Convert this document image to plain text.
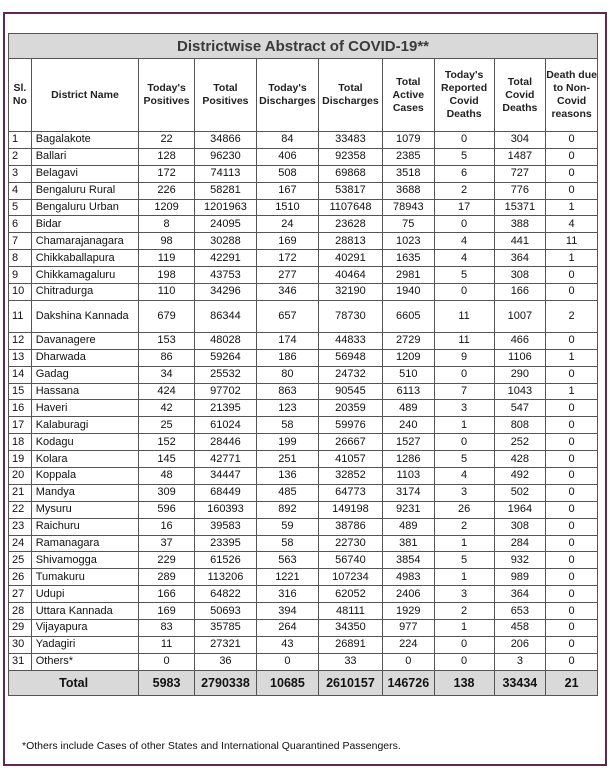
Districtwise Abstract of COVID-19**									
Sl. No	District Name	Today's Positives	Total Positives	Today's Discharges	Total Discharges	Total Active Cases	Today's Reported Covid Deaths	Total Covid Deaths	Death due to Non-Covid reasons
1	Bagalakote	22	34866	84	33483	1079	0	304	0
2	Ballari	128	96230	406	92358	2385	5	1487	0
3	Belagavi	172	74113	508	69868	3518	6	727	0
4	Bengaluru Rural	226	58281	167	53817	3688	2	776	0
5	Bengaluru Urban	1209	1201963	1510	1107648	78943	17	15371	1
6	Bidar	8	24095	24	23628	75	0	388	4
7	Chamarajanagara	98	30288	169	28813	1023	4	441	11
8	Chikkaballapura	119	42291	172	40291	1635	4	364	1
9	Chikkamagaluru	198	43753	277	40464	2981	5	308	0
10	Chitradurga	110	34296	346	32190	1940	0	166	0
11	Dakshina Kannada	679	86344	657	78730	6605	11	1007	2
12	Davanagere	153	48028	174	44833	2729	11	466	0
13	Dharwada	86	59264	186	56948	1209	9	1106	1
14	Gadag	34	25532	80	24732	510	0	290	0
15	Hassana	424	97702	863	90545	6113	7	1043	1
16	Haveri	42	21395	123	20359	489	3	547	0
17	Kalaburagi	25	61024	58	59976	240	1	808	0
18	Kodagu	152	28446	199	26667	1527	0	252	0
19	Kolara	145	42771	251	41057	1286	5	428	0
20	Koppala	48	34447	136	32852	1103	4	492	0
21	Mandya	309	68449	485	64773	3174	3	502	0
22	Mysuru	596	160393	892	149198	9231	26	1964	0
23	Raichuru	16	39583	59	38786	489	2	308	0
24	Ramanagara	37	23395	58	22730	381	1	284	0
25	Shivamogga	229	61526	563	56740	3854	5	932	0
26	Tumakuru	289	113206	1221	107234	4983	1	989	0
27	Udupi	166	64822	316	62052	2406	3	364	0
28	Uttara Kannada	169	50693	394	48111	1929	2	653	0
29	Vijayapura	83	35785	264	34350	977	1	458	0
30	Yadagiri	11	27321	43	26891	224	0	206	0
31	Others*	0	36	0	33	0	0	3	0
Total		5983	2790338	10685	2610157	146726	138	33434	21
*Others include Cases of other States and International Quarantined Passengers.
